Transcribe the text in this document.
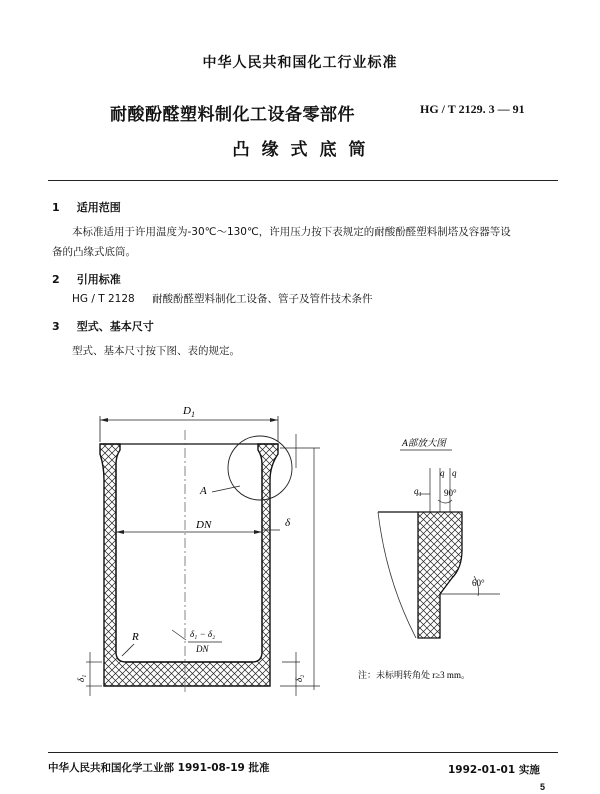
中华人民共和国化工行业标准
耐酸酚醛塑料制化工设备零部件	HG / T 2129. 3 — 91
凸缘式底筒
1 适用范围
本标准适用于许用温度为-30℃～130℃，许用压力按下表规定的耐酸酚醛塑料制塔及容器等设
备的凸缘式底筒。
2 引用标准
HG / T 2128 耐酸酚醛塑料制化工设备、管子及管件技术条件
3 型式、基本尺寸
型式、基本尺寸按下图、表的规定。
$D_1$
A
DN	δ
R	δ₁ − δ₂
DN
δ₁	δ₂
A部放大图
60°
q q
q₁ 90°
注：未标明转角处 r≥3 mm。
中华人民共和国化学工业部 1991-08-19 批准	1992-01-01 实施
5
